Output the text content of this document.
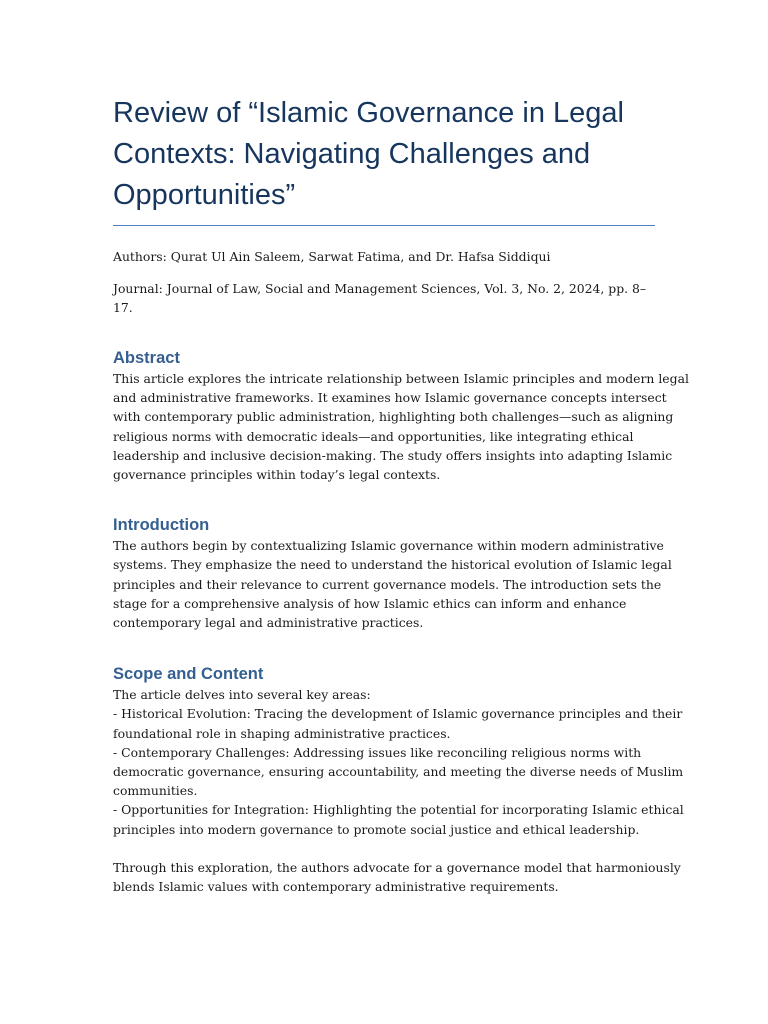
Review of “Islamic Governance in Legal
Contexts: Navigating Challenges and
Opportunities”

Authors: Qurat Ul Ain Saleem, Sarwat Fatima, and Dr. Hafsa Siddiqui

Journal: Journal of Law, Social and Management Sciences, Vol. 3, No. 2, 2024, pp. 8–17.

Abstract

This article explores the intricate relationship between Islamic principles and modern legal
and administrative frameworks. It examines how Islamic governance concepts intersect
with contemporary public administration, highlighting both challenges—such as aligning
religious norms with democratic ideals—and opportunities, like integrating ethical
leadership and inclusive decision-making. The study offers insights into adapting Islamic
governance principles within today’s legal contexts.

Introduction

The authors begin by contextualizing Islamic governance within modern administrative
systems. They emphasize the need to understand the historical evolution of Islamic legal
principles and their relevance to current governance models. The introduction sets the
stage for a comprehensive analysis of how Islamic ethics can inform and enhance
contemporary legal and administrative practices.

Scope and Content

The article delves into several key areas:
- Historical Evolution: Tracing the development of Islamic governance principles and their
foundational role in shaping administrative practices.
- Contemporary Challenges: Addressing issues like reconciling religious norms with
democratic governance, ensuring accountability, and meeting the diverse needs of Muslim
communities.
- Opportunities for Integration: Highlighting the potential for incorporating Islamic ethical
principles into modern governance to promote social justice and ethical leadership.

Through this exploration, the authors advocate for a governance model that harmoniously
blends Islamic values with contemporary administrative requirements.
